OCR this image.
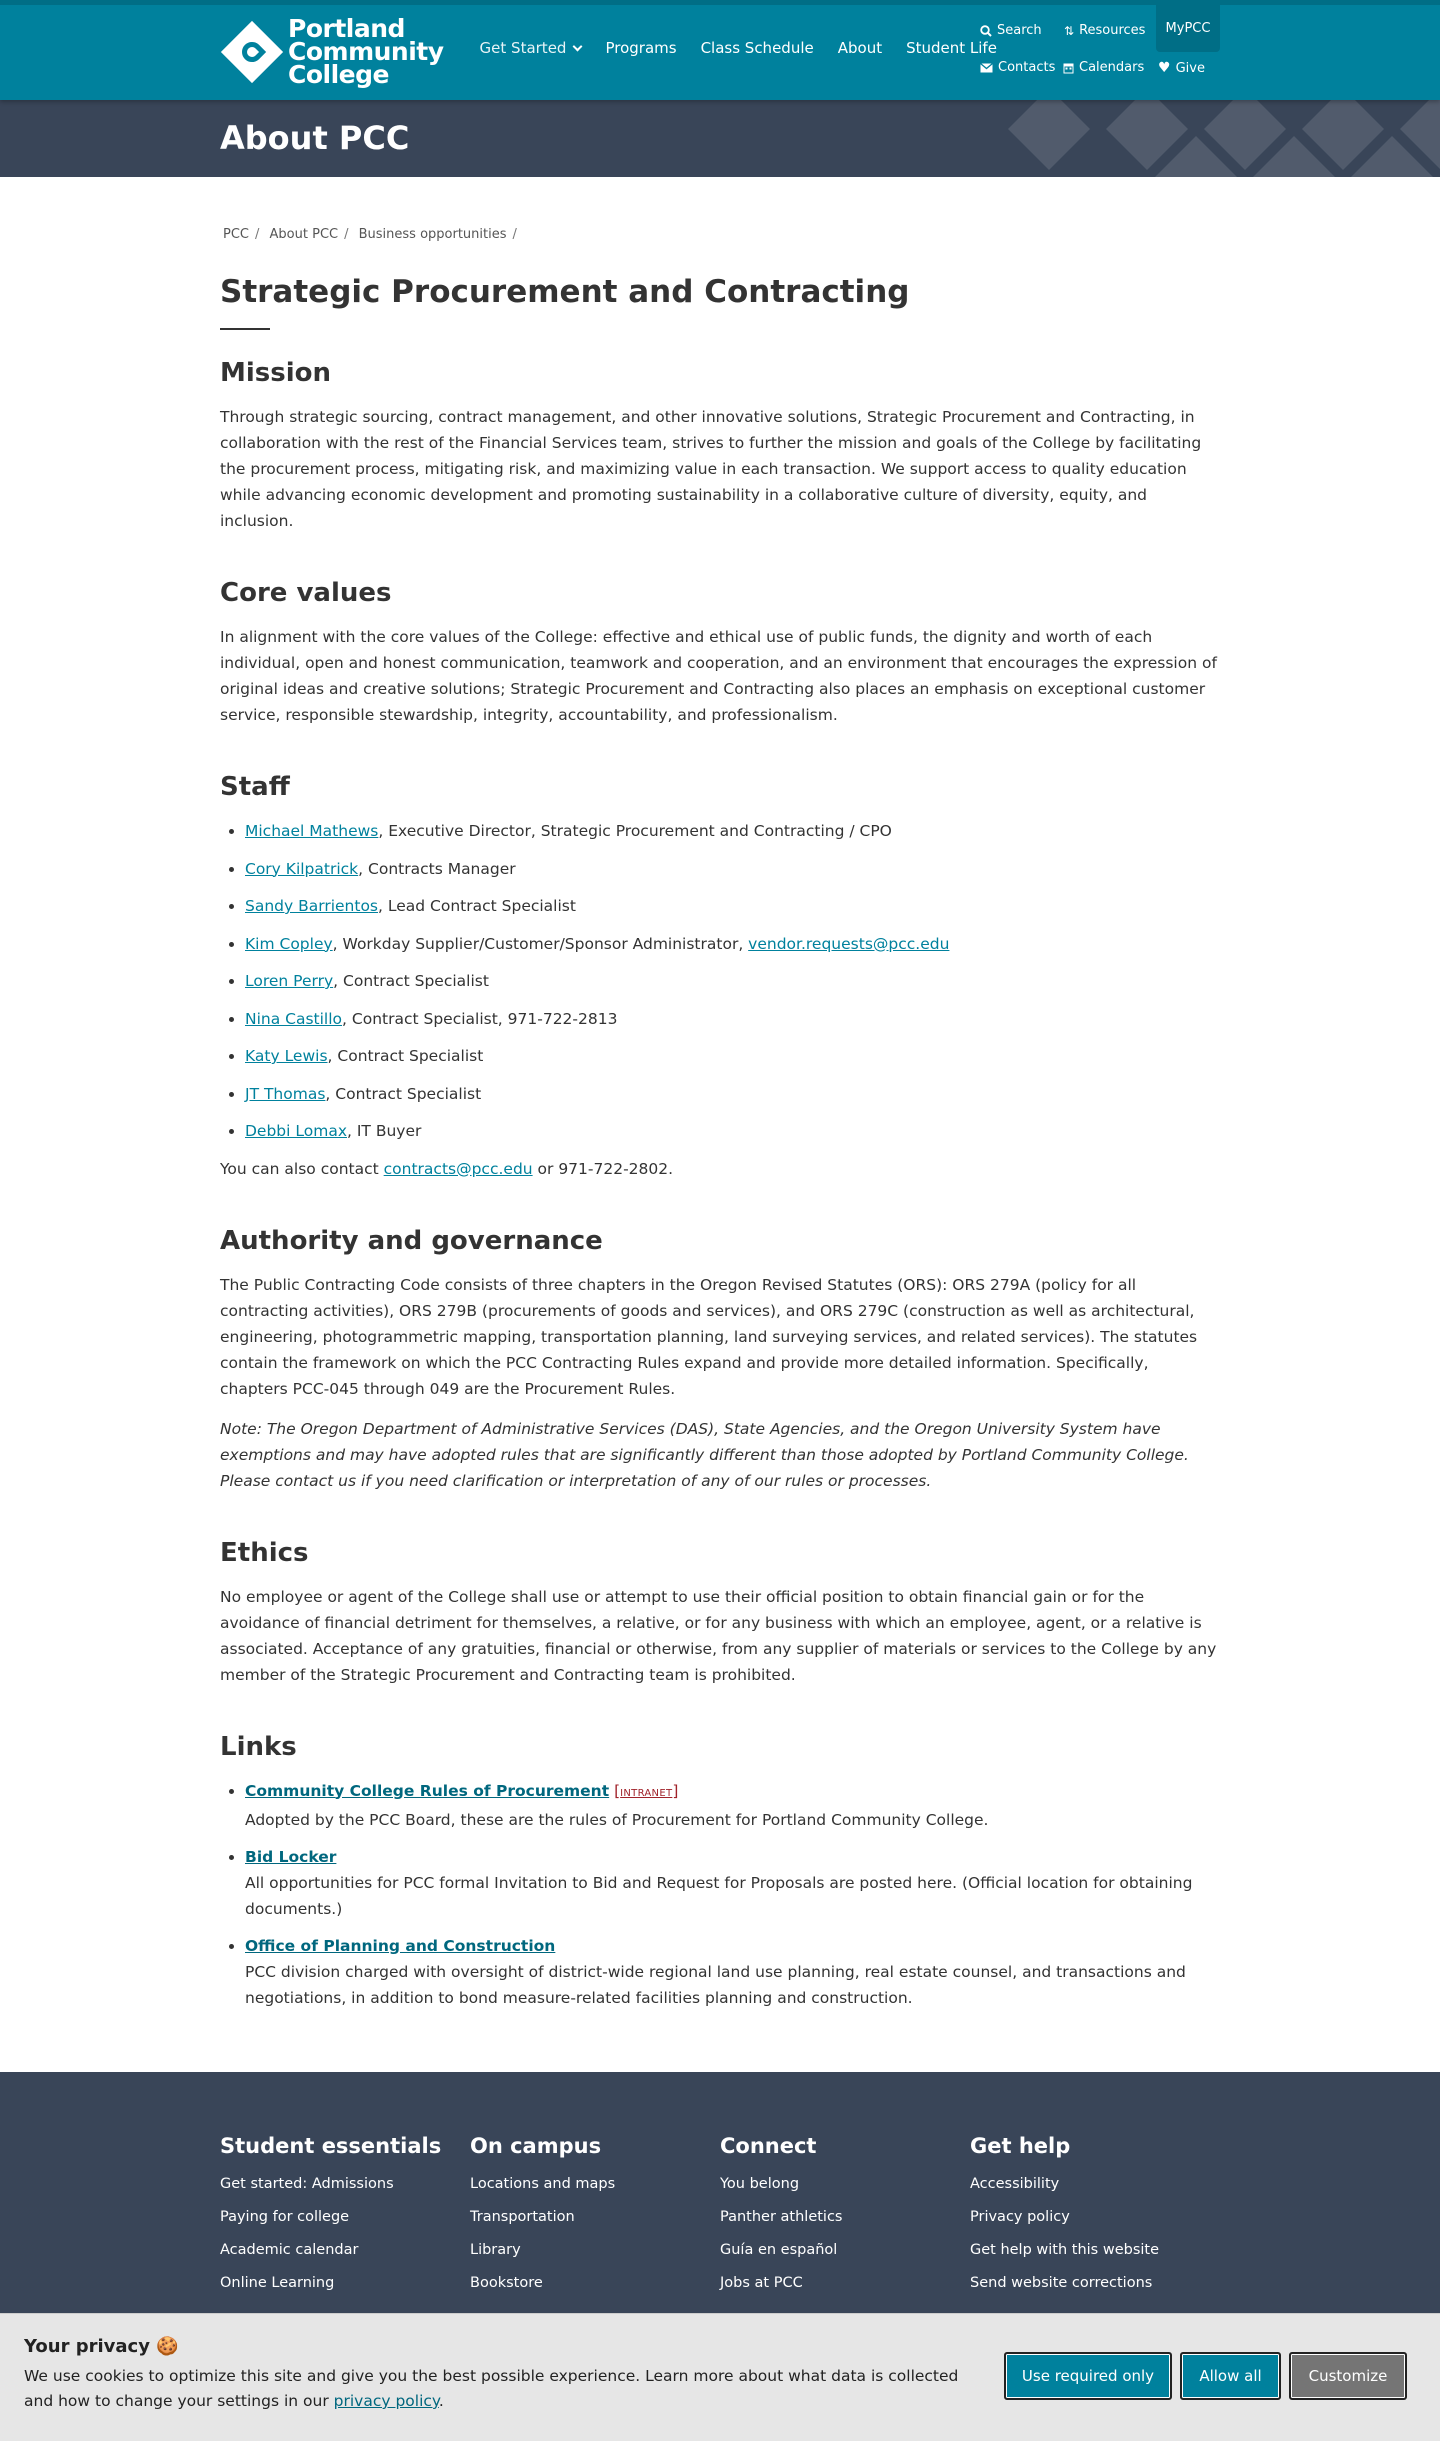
Portland
Community
College
Get Started	Programs Class Schedule About Student Life
Search ⇅ Resources	MyPCC
Contacts Calendars ♥ Give
About PCC
PCC / About PCC / Business opportunities /
Strategic Procurement and Contracting
Mission

Through strategic sourcing, contract management, and other innovative solutions, Strategic Procurement and Contracting, in collaboration with the rest of the Financial Services team, strives to further the mission and goals of the College by facilitating the procurement process, mitigating risk, and maximizing value in each transaction. We support access to quality education while advancing economic development and promoting sustainability in a collaborative culture of diversity, equity, and inclusion.

Core values

In alignment with the core values of the College: effective and ethical use of public funds, the dignity and worth of each individual, open and honest communication, teamwork and cooperation, and an environment that encourages the expression of original ideas and creative solutions; Strategic Procurement and Contracting also places an emphasis on exceptional customer service, responsible stewardship, integrity, accountability, and professionalism.

Staff
• Michael Mathews, Executive Director, Strategic Procurement and Contracting / CPO
• Cory Kilpatrick, Contracts Manager
• Sandy Barrientos, Lead Contract Specialist
• Kim Copley, Workday Supplier/Customer/Sponsor Administrator, vendor.requests@pcc.edu
• Loren Perry, Contract Specialist
• Nina Castillo, Contract Specialist, 971-722-2813
• Katy Lewis, Contract Specialist
• JT Thomas, Contract Specialist
• Debbi Lomax, IT Buyer

You can also contact contracts@pcc.edu or 971-722-2802.

Authority and governance

The Public Contracting Code consists of three chapters in the Oregon Revised Statutes (ORS): ORS 279A (policy for all contracting activities), ORS 279B (procurements of goods and services), and ORS 279C (construction as well as architectural, engineering, photogrammetric mapping, transportation planning, land surveying services, and related services). The statutes contain the framework on which the PCC Contracting Rules expand and provide more detailed information. Specifically, chapters PCC-045 through 049 are the Procurement Rules.

Note: The Oregon Department of Administrative Services (DAS), State Agencies, and the Oregon University System have exemptions and may have adopted rules that are significantly different than those adopted by Portland Community College. Please contact us if you need clarification or interpretation of any of our rules or processes.

Ethics

No employee or agent of the College shall use or attempt to use their official position to obtain financial gain or for the avoidance of financial detriment for themselves, a relative, or for any business with which an employee, agent, or a relative is associated. Acceptance of any gratuities, financial or otherwise, from any supplier of materials or services to the College by any member of the Strategic Procurement and Contracting team is prohibited.

Links
• Community College Rules of Procurement [INTRANET]
Adopted by the PCC Board, these are the rules of Procurement for Portland Community College.
• Bid Locker
All opportunities for PCC formal Invitation to Bid and Request for Proposals are posted here. (Official location for obtaining documents.)
• Office of Planning and Construction
PCC division charged with oversight of district-wide regional land use planning, real estate counsel, and transactions and negotiations, in addition to bond measure-related facilities planning and construction.
Student essentials
Get started: Admissions
Paying for college
Academic calendar
Online Learning
On campus
Locations and maps
Transportation
Library
Bookstore
Connect
You belong
Panther athletics
Guía en español
Jobs at PCC
Get help
Accessibility
Privacy policy
Get help with this website
Send website corrections
Your privacy 🍪

We use cookies to optimize this site and give you the best possible experience. Learn more about what data is collected and how to change your settings in our privacy policy.

Use required only	Allow all	Customize
